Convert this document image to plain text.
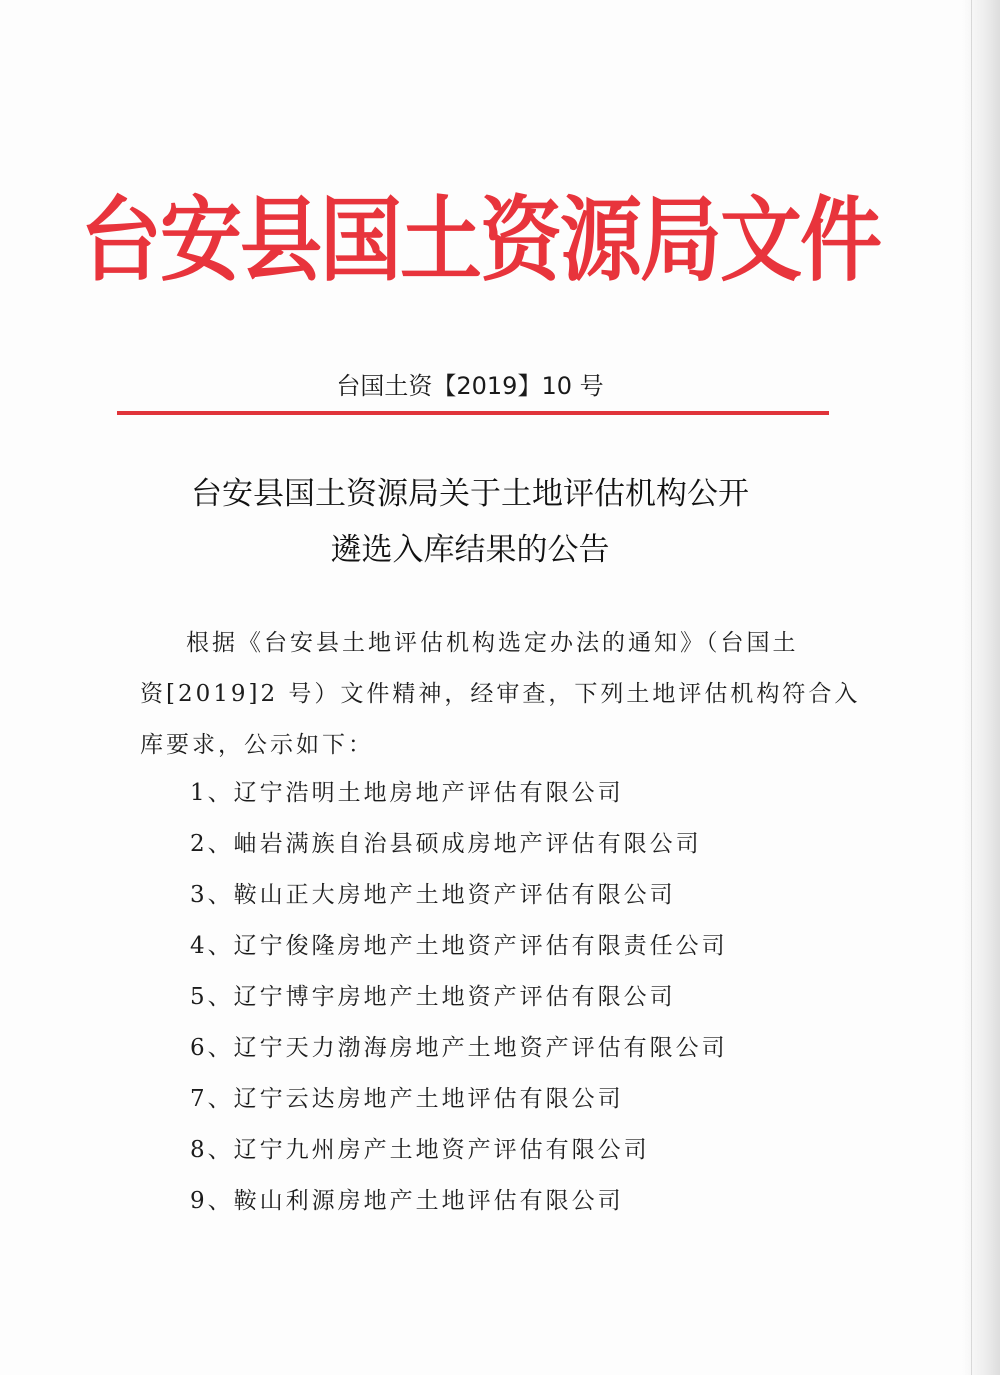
台安县国土资源局文件
台国土资【2019】10 号
台安县国土资源局关于土地评估机构公开
遴选入库结果的公告
根据《台安县土地评估机构选定办法的通知》（台国土
资[2019]2 号）文件精神，经审查，下列土地评估机构符合入
库要求，公示如下：
1、辽宁浩明土地房地产评估有限公司
2、岫岩满族自治县硕成房地产评估有限公司
3、鞍山正大房地产土地资产评估有限公司
4、辽宁俊隆房地产土地资产评估有限责任公司
5、辽宁博宇房地产土地资产评估有限公司
6、辽宁天力渤海房地产土地资产评估有限公司
7、辽宁云达房地产土地评估有限公司
8、辽宁九州房产土地资产评估有限公司
9、鞍山利源房地产土地评估有限公司
